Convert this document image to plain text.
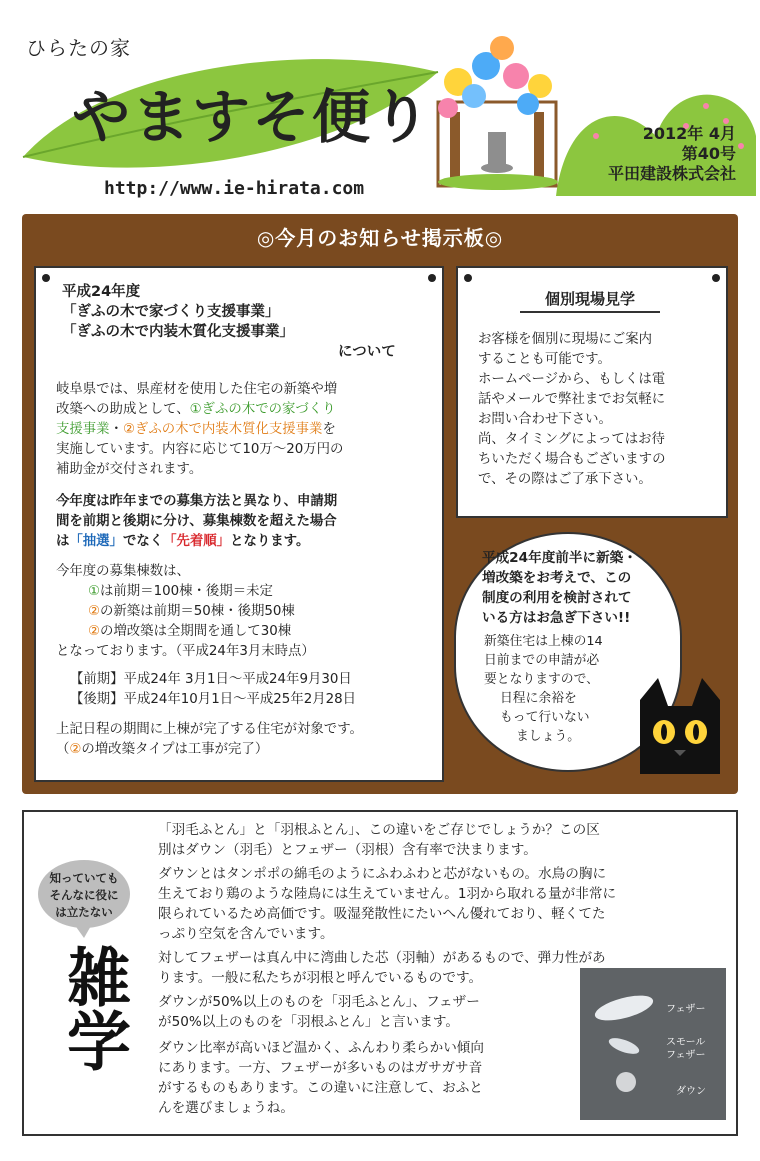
ひらたの家
やますそ便り
http://www.ie-hirata.com
2012年 4月
第40号
平田建設株式会社
◎今月のお知らせ掲示板◎
平成24年度
「ぎふの木で家づくり支援事業」
「ぎふの木で内装木質化支援事業」
について
岐阜県では、県産材を使用した住宅の新築や増
改築への助成として、①ぎふの木での家づくり
支援事業・②ぎふの木で内装木質化支援事業を
実施しています。内容に応じて10万～20万円の
補助金が交付されます。
今年度は昨年までの募集方法と異なり、申請期
間を前期と後期に分け、募集棟数を超えた場合
は「抽選」でなく「先着順」となります。
今年度の募集棟数は、
①は前期＝100棟・後期＝未定
②の新築は前期＝50棟・後期50棟
②の増改築は全期間を通して30棟
となっております。（平成24年3月末時点）
【前期】平成24年 3月1日～平成24年9月30日
【後期】平成24年10月1日～平成25年2月28日
上記日程の期間に上棟が完了する住宅が対象です。
（②の増改築タイプは工事が完了）
個別現場見学
お客様を個別に現場にご案内
することも可能です。
ホームページから、もしくは電
話やメールで弊社までお気軽に
お問い合わせ下さい。
尚、タイミングによってはお待
ちいただく場合もございますの
で、その際はご了承下さい。
平成24年度前半に新築・
増改築をお考えで、この
制度の利用を検討されて
いる方はお急ぎ下さい!!
新築住宅は上棟の14
日前までの申請が必
要となりますので、
日程に余裕を
もって行いない
ましょう。
知っていても
そんなに役に
は立たない
雑学
「羽毛ふとん」と「羽根ふとん」、この違いをご存じでしょうか？この区
別はダウン（羽毛）とフェザー（羽根）含有率で決まります。
ダウンとはタンポポの綿毛のようにふわふわと芯がないもの。水鳥の胸に
生えており鶏のような陸鳥には生えていません。1羽から取れる量が非常に
限られているため高価です。吸湿発散性にたいへん優れており、軽くてた
っぷり空気を含んでいます。
対してフェザーは真ん中に湾曲した芯（羽軸）があるもので、弾力性があ
ります。一般に私たちが羽根と呼んでいるものです。
ダウンが50%以上のものを「羽毛ふとん」、フェザー
が50%以上のものを「羽根ふとん」と言います。
ダウン比率が高いほど温かく、ふんわり柔らかい傾向
にあります。一方、フェザーが多いものはガサガサ音
がするものもあります。この違いに注意して、おふと
んを選びましょうね。
フェザー
スモール
フェザー
ダウン
